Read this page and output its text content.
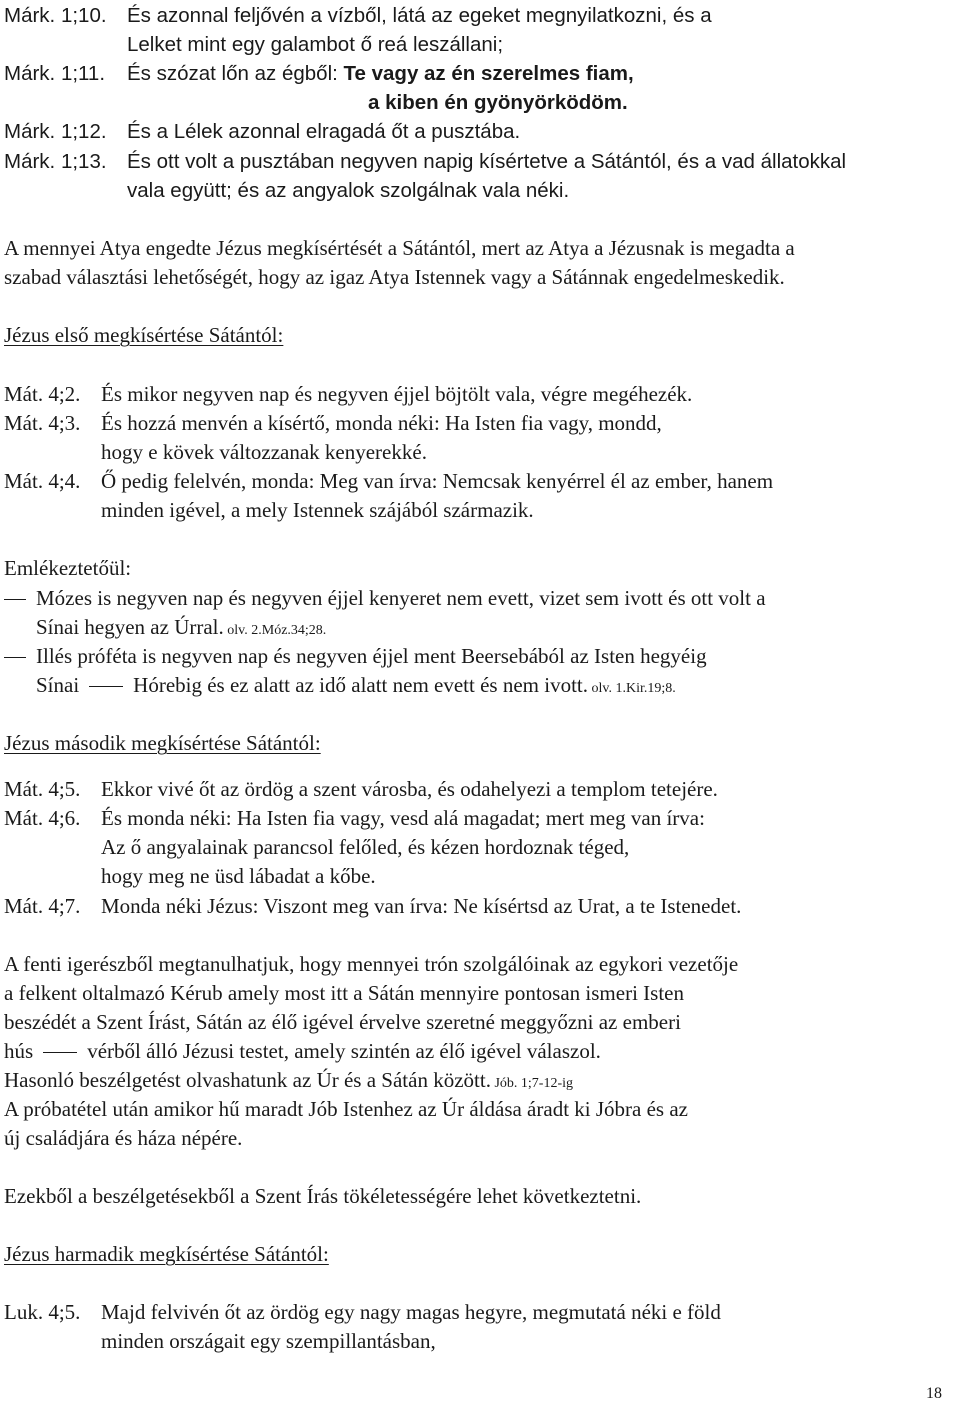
Márk. 1;10. És azonnal feljővén a vízből, látá az egeket megnyilatkozni, és a
Lelket mint egy galambot ő reá leszállani;
Márk. 1;11. És szózat lőn az égből: Te vagy az én szerelmes fiam,
a kiben én gyönyörködöm.
Márk. 1;12. És a Lélek azonnal elragadá őt a pusztába.
Márk. 1;13. És ott volt a pusztában negyven napig kísértetve a Sátántól, és a vad állatokkal
vala együtt; és az angyalok szolgálnak vala néki.
A mennyei Atya engedte Jézus megkísértését a Sátántól, mert az Atya a Jézusnak is megadta a
szabad választási lehetőségét, hogy az igaz Atya Istennek vagy a Sátánnak engedelmeskedik.
Jézus első megkísértése Sátántól:
Mát. 4;2. És mikor negyven nap és negyven éjjel böjtölt vala, végre megéhezék.
Mát. 4;3. És hozzá menvén a kísértő, monda néki: Ha Isten fia vagy, mondd,
hogy e kövek változzanak kenyerekké.
Mát. 4;4. Ő pedig felelvén, monda: Meg van írva: Nemcsak kenyérrel él az ember, hanem
minden igével, a mely Istennek szájából származik.
Emlékeztetőül:
Mózes is negyven nap és negyven éjjel kenyeret nem evett, vizet sem ivott és ott volt a
Sínai hegyen az Úrral. olv. 2.Móz.34;28.
Illés próféta is negyven nap és negyven éjjel ment Beersebából az Isten hegyéig
Sínai	Hórebig és ez alatt az idő alatt nem evett és nem ivott. olv. 1.Kir.19;8.
Jézus második megkísértése Sátántól:
Mát. 4;5. Ekkor vivé őt az ördög a szent városba, és odahelyezi a templom tetejére.
Mát. 4;6. És monda néki: Ha Isten fia vagy, vesd alá magadat; mert meg van írva:
Az ő angyalainak parancsol felőled, és kézen hordoznak téged,
hogy meg ne üsd lábadat a kőbe.
Mát. 4;7. Monda néki Jézus: Viszont meg van írva: Ne kísértsd az Urat, a te Istenedet.
A fenti igerészből megtanulhatjuk, hogy mennyei trón szolgálóinak az egykori vezetője
a felkent oltalmazó Kérub amely most itt a Sátán mennyire pontosan ismeri Isten
beszédét a Szent Írást, Sátán az élő igével érvelve szeretné meggyőzni az emberi
hús	vérből álló Jézusi testet, amely szintén az élő igével válaszol.
Hasonló beszélgetést olvashatunk az Úr és a Sátán között. Jób. 1;7-12-ig
A próbatétel után amikor hű maradt Jób Istenhez az Úr áldása áradt ki Jóbra és az
új családjára és háza népére.
Ezekből a beszélgetésekből a Szent Írás tökéletességére lehet következtetni.
Jézus harmadik megkísértése Sátántól:
Luk. 4;5. Majd felvivén őt az ördög egy nagy magas hegyre, megmutatá néki e föld
minden országait egy szempillantásban,
18
